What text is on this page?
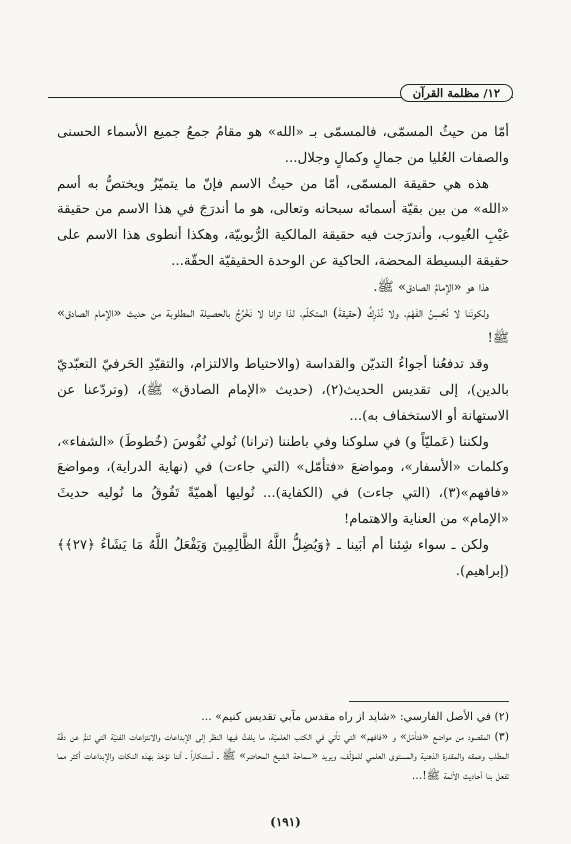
۱۲/ مظلمة القرآن

أمّا من حيثُ المسمّى، فالمسمّى بـ «الله» هو مقامُ جمعُ جميع الأسماء الحسنى والصفات العُليا من جمالٍ وكمالٍ وجلال...

هذه هي حقيقة المسمّى، أمّا من حيثُ الاسم فإنّ ما يتميّزُ ويختصُّ به أسم «الله» من بين بقيّة أسمائه سبحانه وتعالى، هو ما أندرَجَ في هذا الاسم من حقيقة غيْبِ الغُيوب، وأندرَجت فيه حقيقة المالكية الرُّبوبيّة، وهكذا أنطوى هذا الاسم على حقيقة البسيطة المحضة، الحاكية عن الوحدة الحقيقيّة الحقّة...

هذا هو «الإمامُ الصادق» ﷺ.

ولكونَنا لا نُحْسِنُ الفَهْمَ، ولا نُدْرِكُ (حقيقةَ) المتكلّم، لذا ترانا لا نَخْرُجُ بالحصيلة المطلوبة من حديث «الإمام الصادق» ﷺ!

وقد تدفعُنا أجواءُ التديّن والقداسة (والاحتياط والالتزام، والتقيّدِ الحَرفيّ التعبّديّ بالدين)، إلى تقديس الحديث(٢)، (حديث «الإمام الصادق» ﷺ)، (وتردّعنا عن الاستهانة أو الاستخفاف به)...

ولكننا (عَمليّاً و) في سلوكنا وفي باطننا (ترانا) نُولي نُفُوسَ (خُطوطَ) «الشفاء»، وكلمات «الأسفار»، ومواضعَ «فتأمّل» (التي جاءت) في (نهاية الدراية)، ومواضعَ «فافهم»(٣)، (التي جاءت) في (الكفاية)... نُوليها أهميّةً تَفُوقُ ما نُوليه حديثَ «الإمام» من العناية والاهتمام!

ولكن ـ سواء شِئنا أم أبَينا ـ ﴿وَيُضِلُّ اللَّهُ الظَّالِمِينَ وَيَفْعَلُ اللَّهُ مَا يَشَاءُ ﴿٢٧﴾﴾ (إبراهيم).

(٢) في الأصل الفارسي: «شايد از راه مقدس مآبي تقديس كنيم» ...

(٣) المقصود من مواضع «فتأمّل» و «فافهم» التي تأتي في الكتب العلميّة، ما يلفتُ فيها النظر إلى الإبداعات والانتزاعات الفنيّة التي تنمُّ عن دقّة المطلب وعمقه والمقدرة الذهنية والمستوى العلمي للمؤلّف، ويريد «سماحة الشيخ المحاضر» ﷺ ـ أستنكاراً ـ أننا نؤخذ بهذه النكات والإبداعات أكثر مما تفعل بنا أحاديث الأئمة ﷺ!...

(۱۹۱)
